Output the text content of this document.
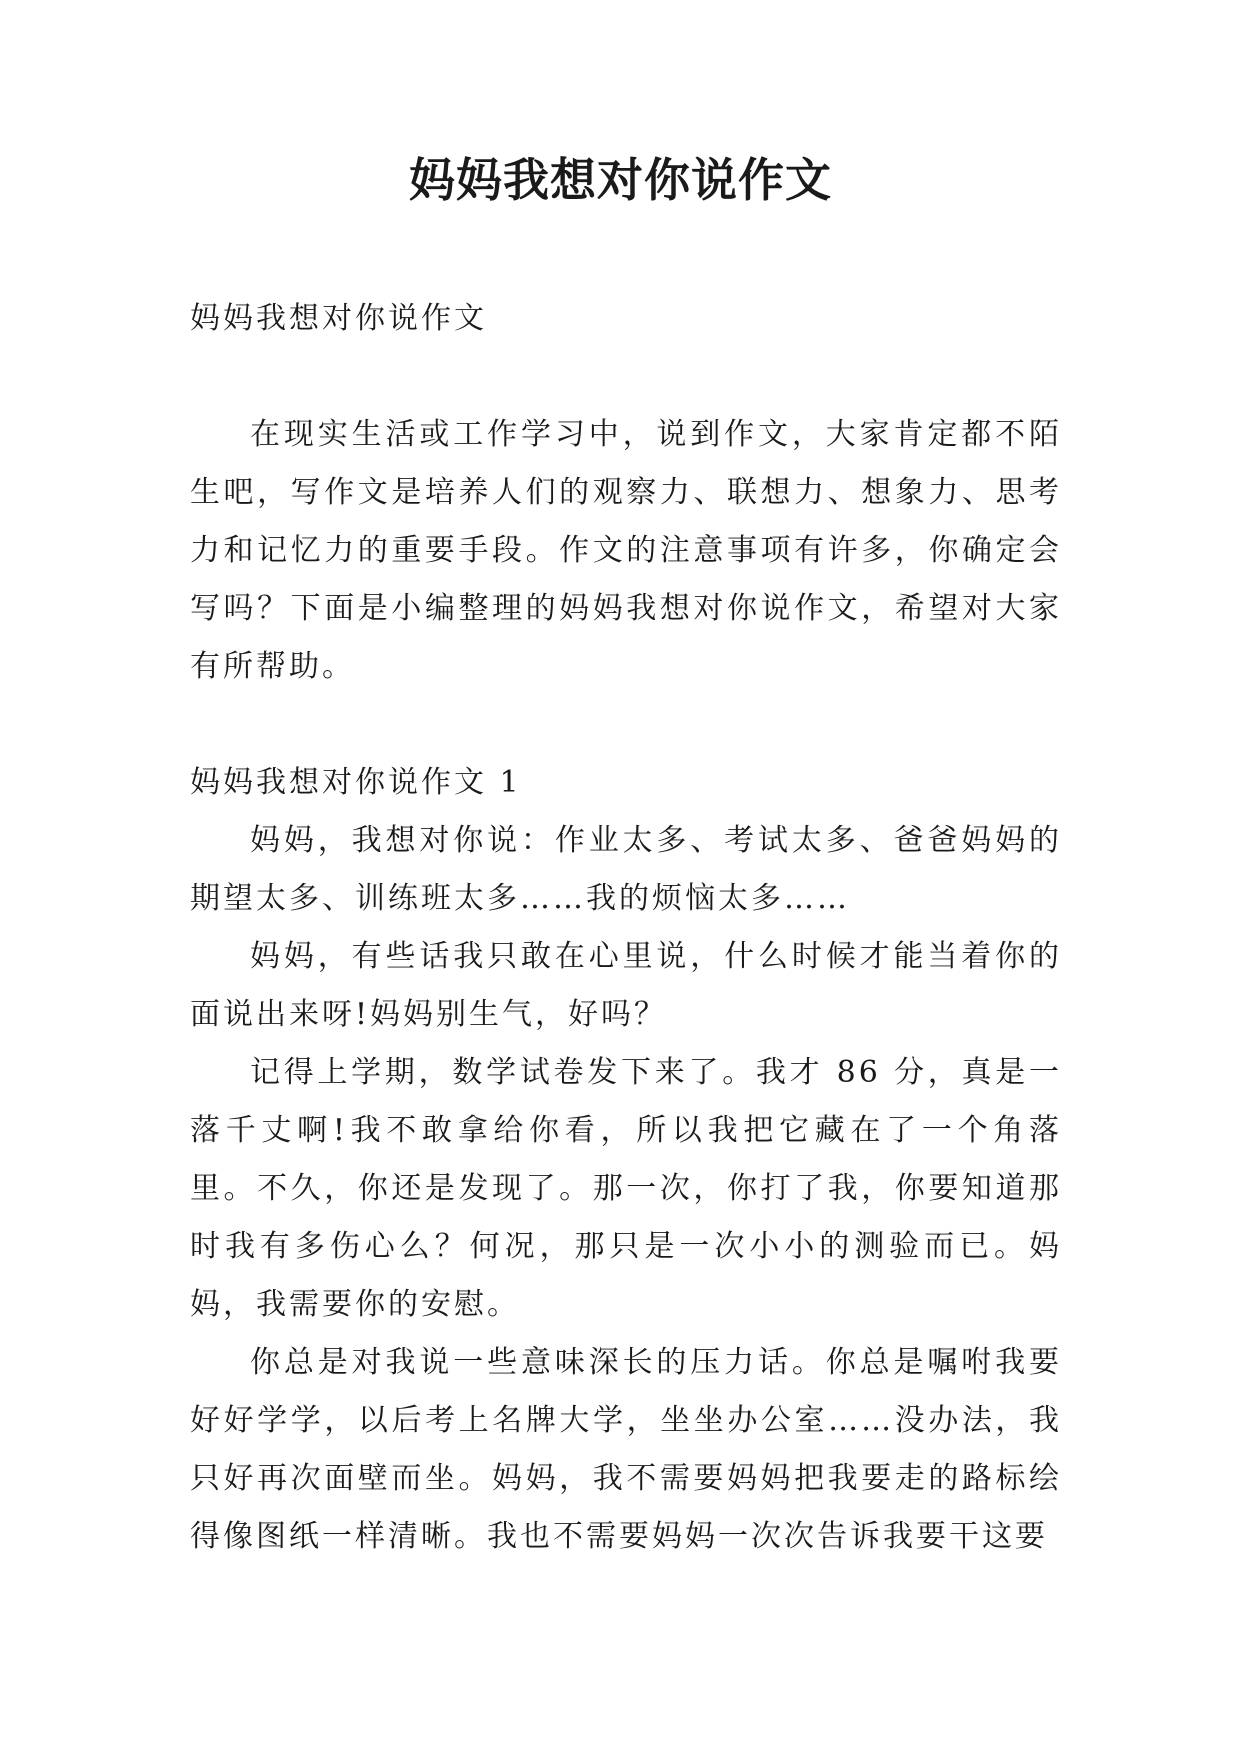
妈妈我想对你说作文

妈妈我想对你说作文

在现实生活或工作学习中，说到作文，大家肯定都不陌生吧，写作文是培养人们的观察力、联想力、想象力、思考力和记忆力的重要手段。作文的注意事项有许多，你确定会写吗？下面是小编整理的妈妈我想对你说作文，希望对大家有所帮助。

妈妈我想对你说作文 1

妈妈，我想对你说：作业太多、考试太多、爸爸妈妈的期望太多、训练班太多……我的烦恼太多……

妈妈，有些话我只敢在心里说，什么时候才能当着你的面说出来呀!妈妈别生气，好吗？

记得上学期，数学试卷发下来了。我才 86 分，真是一落千丈啊!我不敢拿给你看，所以我把它藏在了一个角落里。不久，你还是发现了。那一次，你打了我，你要知道那时我有多伤心么？何况，那只是一次小小的测验而已。妈妈，我需要你的安慰。

你总是对我说一些意味深长的压力话。你总是嘱咐我要好好学学，以后考上名牌大学，坐坐办公室……没办法，我只好再次面壁而坐。妈妈，我不需要妈妈把我要走的路标绘得像图纸一样清晰。我也不需要妈妈一次次告诉我要干这要
